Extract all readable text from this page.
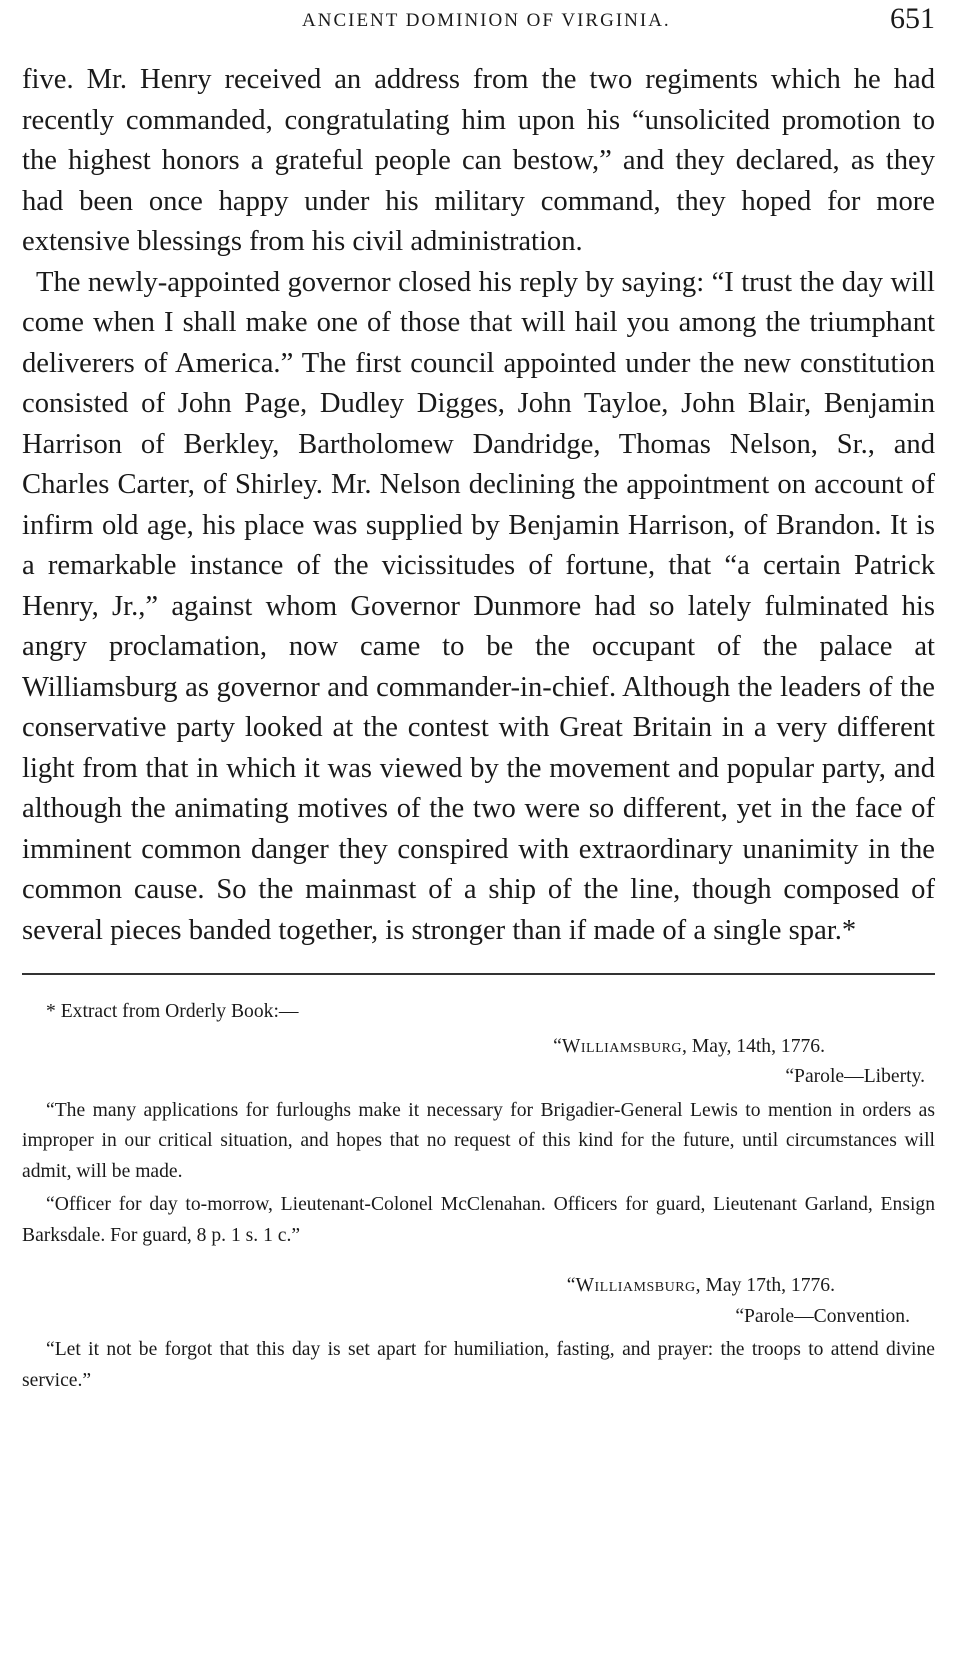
ANCIENT DOMINION OF VIRGINIA.	651

five. Mr. Henry received an address from the two regiments which he had recently commanded, congratulating him upon his “unsolicited promotion to the highest honors a grateful people can bestow,” and they declared, as they had been once happy under his military command, they hoped for more extensive blessings from his civil administration.

The newly-appointed governor closed his reply by saying: “I trust the day will come when I shall make one of those that will hail you among the triumphant deliverers of America.” The first council appointed under the new constitution consisted of John Page, Dudley Digges, John Tayloe, John Blair, Benjamin Harrison of Berkley, Bartholomew Dandridge, Thomas Nelson, Sr., and Charles Carter, of Shirley. Mr. Nelson declining the appointment on account of infirm old age, his place was supplied by Benjamin Harrison, of Brandon. It is a remarkable instance of the vicissitudes of fortune, that “a certain Patrick Henry, Jr.,” against whom Governor Dunmore had so lately fulminated his angry proclamation, now came to be the occupant of the palace at Williamsburg as governor and commander-in-chief. Although the leaders of the conservative party looked at the contest with Great Britain in a very different light from that in which it was viewed by the movement and popular party, and although the animating motives of the two were so different, yet in the face of imminent common danger they conspired with extraordinary unanimity in the common cause. So the mainmast of a ship of the line, though composed of several pieces banded together, is stronger than if made of a single spar.*

* Extract from Orderly Book:—

“Williamsburg, May, 14th, 1776.

“Parole—Liberty.

“The many applications for furloughs make it necessary for Brigadier-General Lewis to mention in orders as improper in our critical situation, and hopes that no request of this kind for the future, until circumstances will admit, will be made.

“Officer for day to-morrow, Lieutenant-Colonel McClenahan. Officers for guard, Lieutenant Garland, Ensign Barksdale. For guard, 8 p. 1 s. 1 c.”

“Williamsburg, May 17th, 1776.

“Parole—Convention.

“Let it not be forgot that this day is set apart for humiliation, fasting, and prayer: the troops to attend divine service.”
